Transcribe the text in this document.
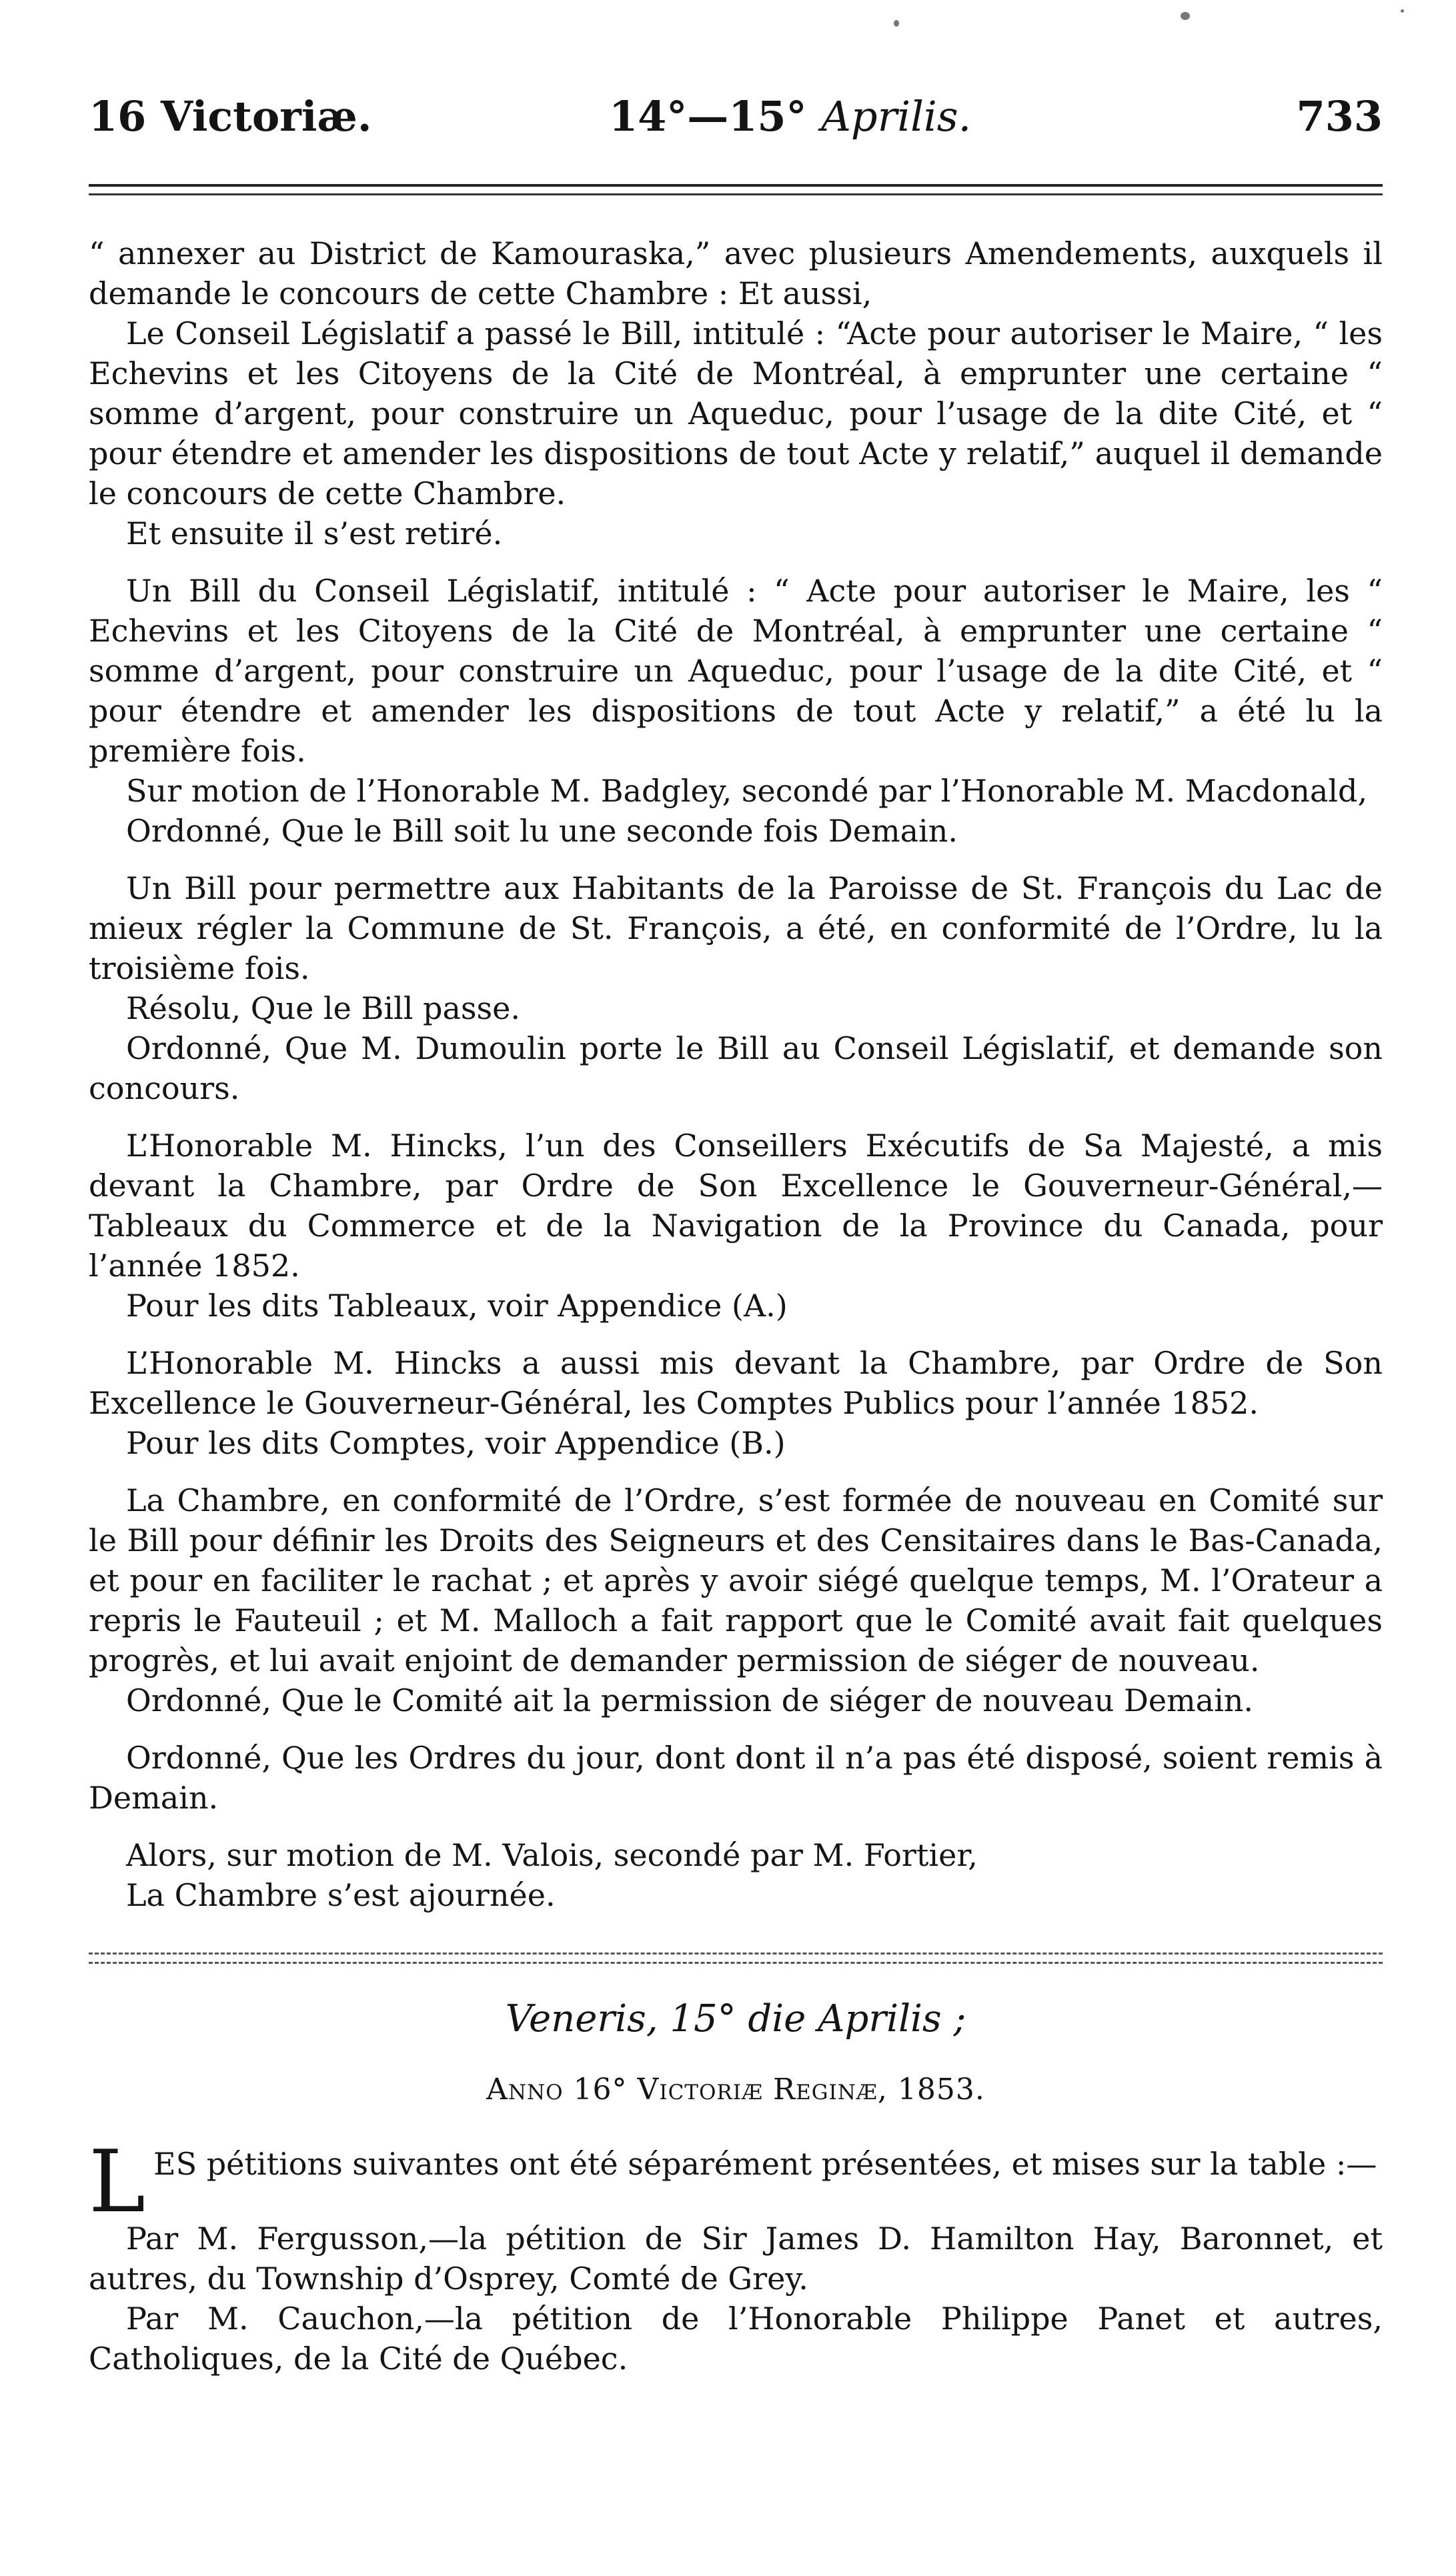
16 Victoriæ.	14°—15° Aprilis.	733

“ annexer au District de Kamouraska,” avec plusieurs Amendements, auxquels il demande le concours de cette Chambre : Et aussi,

Le Conseil Législatif a passé le Bill, intitulé : “Acte pour autoriser le Maire, “ les Echevins et les Citoyens de la Cité de Montréal, à emprunter une certaine “ somme d’argent, pour construire un Aqueduc, pour l’usage de la dite Cité, et “ pour étendre et amender les dispositions de tout Acte y relatif,” auquel il demande le concours de cette Chambre.

Et ensuite il s’est retiré.

Un Bill du Conseil Législatif, intitulé : “ Acte pour autoriser le Maire, les “ Echevins et les Citoyens de la Cité de Montréal, à emprunter une certaine “ somme d’argent, pour construire un Aqueduc, pour l’usage de la dite Cité, et “ pour étendre et amender les dispositions de tout Acte y relatif,” a été lu la première fois.

Sur motion de l’Honorable M. Badgley, secondé par l’Honorable M. Macdonald,

Ordonné, Que le Bill soit lu une seconde fois Demain.

Un Bill pour permettre aux Habitants de la Paroisse de St. François du Lac de mieux régler la Commune de St. François, a été, en conformité de l’Ordre, lu la troisième fois.

Résolu, Que le Bill passe.

Ordonné, Que M. Dumoulin porte le Bill au Conseil Législatif, et demande son concours.

L’Honorable M. Hincks, l’un des Conseillers Exécutifs de Sa Majesté, a mis devant la Chambre, par Ordre de Son Excellence le Gouverneur-Général,—Tableaux du Commerce et de la Navigation de la Province du Canada, pour l’année 1852.

Pour les dits Tableaux, voir Appendice (A.)

L’Honorable M. Hincks a aussi mis devant la Chambre, par Ordre de Son Excellence le Gouverneur-Général, les Comptes Publics pour l’année 1852.

Pour les dits Comptes, voir Appendice (B.)

La Chambre, en conformité de l’Ordre, s’est formée de nouveau en Comité sur le Bill pour définir les Droits des Seigneurs et des Censitaires dans le Bas-Canada, et pour en faciliter le rachat ; et après y avoir siégé quelque temps, M. l’Orateur a repris le Fauteuil ; et M. Malloch a fait rapport que le Comité avait fait quelques progrès, et lui avait enjoint de demander permission de siéger de nouveau.

Ordonné, Que le Comité ait la permission de siéger de nouveau Demain.

Ordonné, Que les Ordres du jour, dont dont il n’a pas été disposé, soient remis à Demain.

Alors, sur motion de M. Valois, secondé par M. Fortier,

La Chambre s’est ajournée.

Veneris, 15° die Aprilis ;
Anno 16° Victoriæ Reginæ, 1853.
L ES pétitions suivantes ont été séparément présentées, et mises sur la table :—

Par M. Fergusson,—la pétition de Sir James D. Hamilton Hay, Baronnet, et autres, du Township d’Osprey, Comté de Grey.

Par M. Cauchon,—la pétition de l’Honorable Philippe Panet et autres, Catholiques, de la Cité de Québec.
